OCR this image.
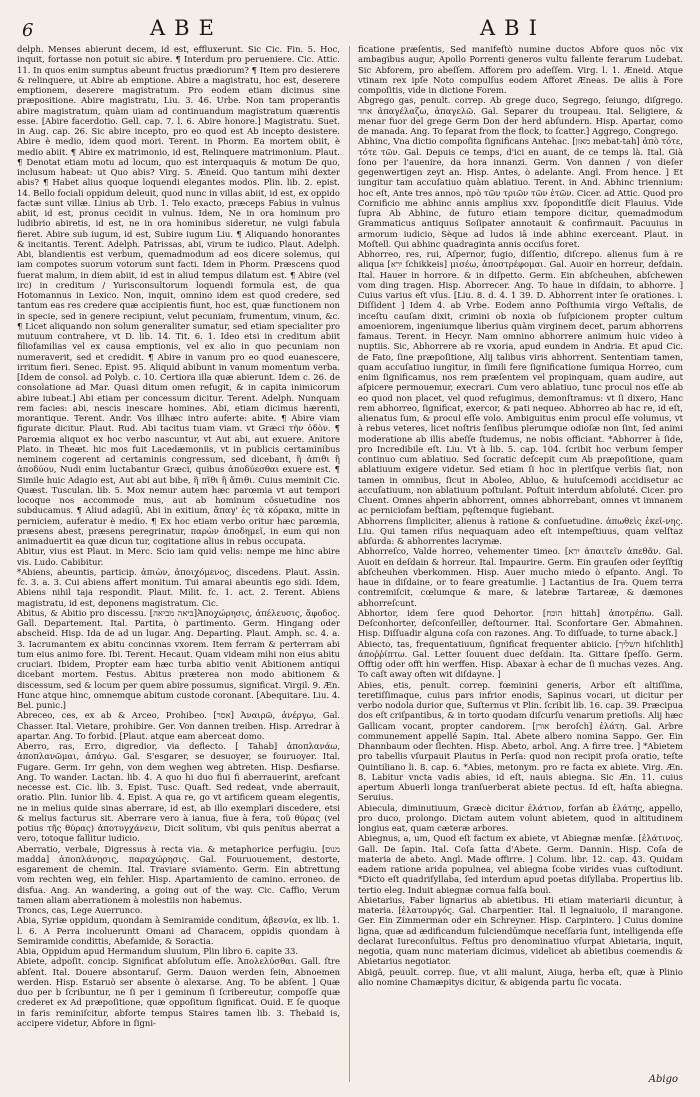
6	ABE	ABI

delph. Menses abierunt decem, id est, effluxerunt. Sic Cic. Fin. 5. Hoc, inquit, fortasse non potuit sic abire. ¶ Interdum pro perueniere. Cic. Attic. 11. In quos enim sumptus abeunt fructus prædiorum? ¶ Item pro desierere & relinquere, ut Abire ab emptione. Abire a magistratu, hoc est, deserere emptionem, deserere magistratum. Pro eodem etiam dicimus sine præpositione. Abire magistratu, Liu. 3. 46. Urbe. Non tam properantis abire magistratum, quàm uiam ad continuandum magistratum quærentis esse. [Abire facerdotio. Gell. cap. 7. l. 6. Abire honore.] Magistratu. Suet. in Aug. cap. 26. Sic abire incepto, pro eo quod est Ab incepto desistere. Abire è medio, idem quod mori. Terent. in Phorm. Ea mortem obiit, è medio abiit. ¶ Abire ex matrimonio, id est, Relinquere matrimonium. Plaut. ¶ Denotat etiam motu ad locum, quo est interquaquis & motum De quo, inclusum habeat: ut Quo abis? Virg. 5. Æneid. Quo tantum mihi dexter abis? ¶ Habet alius quoque loquendi elegantes modos. Plin. lib. 2. epist. 14. Bello fociali oppidum deleuit, quod nunc in villas abiit, id est, ex oppido factæ sunt villæ. Linius ab Urb. 1. Telo exacto, præceps Fabius in vulnus abiit, id est, pronus cecidit in vulnus. Idem, Ne in ora hominum pro ludibrio abiretis, id est, ne in ora hominibus sideretur, ne vulgi fabula fieret. Abire sub iugum, id est, Subire iugum Liu. ¶ Aliquando honorantes & incitantis. Terent. Adelph. Patrissas, abi, virum te iudico. Plaut. Adelph. Abi, blandientis est verbum, quemadmodum ad eos dicere solemus, qui iam compotes suorum votorum sunt facti. Idem in Phorm. Præscens quod fuerat malum, in diem abiit, id est in aliud tempus dilatum est. ¶ Abire (vel irc) in creditum / Yurisconsultorum loquendi formula est, de qua Hotomannus in Lexico. Non, inquit, omnino idem est quod credere, sed tantum eas res credere quæ accipientis fiunt, hoc est, quæ functionem non in specie, sed in genere recipiunt, velut pecuniam, frumentum, vinum, &c. ¶ Licet aliquando non solum generaliter sumatur, sed etiam specialiter pro mutuum contrahere, vt D. lib. 14. Tit. 6. 1. Ideo etsi in creditum abiit filiofamilias vel ex causa emptionis, vel ex alio in quo pecuniam non numeraverit, sed et credidit. ¶ Abire in vanum pro eo quod euanescere, irritum fieri. Senec. Epist. 95. Aliquid abibunt in vanum momentum verba. [Idem de consol. ad Polyb. c. 10. Certiora illa quæ abierunt. Idem c. 26. de consolatione ad Mar. Quasi ditum omen refugit, & in capita inimicorum abire iubeat.] Abi etiam per concessum dicitur. Terent. Adelph. Nunquam rem facies: abi, nescis inescare homines. Abi, etiam dicimus hærenti, morantique. Terent. Andr. Vos illhæc intro auferte: abite. ¶ Abire viam figurate dicitur. Plaut. Rud. Abi tacitus tuam viam. vt Græci τὴν ὁδὸν. ¶ Parœmia aliquot ex hoc verbo nascuntur, vt Aut abi, aut exuere. Anitore Plato. in Theæt. hic mos fuit Lacedæmoniis, vt in publicis certaminibus neminem cogerent ad certaminis congressum, sed dicebant, ἢ ἀπιθι ἢ ἀποδύου, Nudi enim luctabantur Græci, quibus ἀποδύεσθαι exuere est. ¶ Simile huic Adagio est, Aut abi aut bibe, ἢ πῖθι ἢ ἄπιθι. Cuius meminit Cic. Quæst. Tusculan. lib. 5. Mox nemur autem hæc parœmia vt aut tempori locoque nos accommode mus, aut ab hominum cõsuetudine nos subducamus. ¶ Aliud adagiū, Abi in exitium, ἄπαγ' ἐς τὰ κόρακα, mitte in perniciem, auferatur è medio. ¶ Ex hoc etiam verbo oritur hæc parœmia, præsens abest, præsens peregrinatur, παρὼν ἀποδημεῖ, in eum qui non animaduertit ea quæ dicun tur, cogitatione alius in rebus occupata.

Abitur, vius est Plaut. in Merc. Scio iam quid velis: nempe me hinc abire vis. Ludo. Cabibitur.

*Abiens, abeuntis, particip. ἀπιὼν, ἀποιχόμενος, discedens. Plaut. Assin. fc. 3. a. 3. Cui abiens affert monitum. Tui amarai abeuntis ego sidi. Idem, Abiens nihil taja respondit. Plaut. Milit. fc. 1. act. 2. Terent. Abiens magistratu, id est, deponens magistratum. Cic.

Abitus, & Abitio pro discessu. [ביאה מביאה]Ἀποχώρησις, ἀπέλευσις, ἄφοδος. Gall. Departement. Ital. Partita, ò partimento. Germ. Hingang oder abscheid. Hisp. Ida de ad un lugar. Ang. Departing. Plaut. Amph. sc. 4. a. 3. Iacrumantem ex abitu concinnas vxorem. Item ferram & perterram abi tum eius animo fore. Ibi. Terent. Hecaut. Quam videam mihi non eius abitu cruciari. Ibidem, Propter eam hæc turba abitio venit Abitionem antiqui dicebant mortem. Festus. Abitus præterea non modo abitionem & discessum, sed & locum per quem abire possumus, significat. Virgil. 9. Æn. Hunc atque hinc, omnemque abitum custode coronant. [Abequitare. Liu. 4. Bel. punic.]

Abreceo, ces, ex ab & Arceo, Prohibeo. [אסר] Ἀναιρῶ, ἀνέργω, Gal. Chasser. Ital. Vietare, prohibire. Ger. Von dannen treiben. Hisp. Arredrar à apartar. Ang. To forbid. [Plaut. atque eam aberceat domo.

Aberro, ras, Erro, digredior, via deflecto. [ Tahab] ἀποπλανάω, ἀποπλανῶμαι, ἀπάγω. Gal. S'esgarer, se desuoyer, se fouruoyer. Ital. Fugare. Germ. Irr gehn, von dem weghen weg abtreten. Hisp. Desfiarse. Ang. To wander. Lactan. lib. 4. A quo hi duo fiui fi aberrauerint, arefcant necesse est. Cic. lib. 3. Epist. Tusc. Quaft. Sed redeat, vnde aberrauit, oratio. Plin. Iunior lib. 4. Epist. A qua re, go vt artificem queam elegentis, ne in melius quide sinas aberrare, id est, ab illo exemplari discedere, etsi & melius facturus sit. Aberrare vero à ianua, fiue à fera, τοῦ θύρας (vel potius τῆς θύρας) ἀποτυγχάνειν, Dicit solitum, vbi quis penitus aberrat a vero, totoque fallitur iudicio.

Aberratio, verbale, Digressus à recta via. & metaphorice perfugiu. [מנוס madda] ἀποπλάνησις, παραχώρησις. Gal. Fouruouement, destorte, esgarement de chemin. Ital. Traviare sviamento. Germ. Ein abtrettung vom rechten weg, ein fehler. Hisp. Apartamiento de camino. erroneo. de disfua. Ang. An wandering, a going out of the way. Cic. Caffio, Verum tamen aliam aberrationem à molestiis non habemus.

Troncs, cas, Lege Auerrunco.

Abia, Syriæ oppidum, quondam à Semiramide conditum, ἀβεσνία, ex lib. 1. l. 6. A Perra incolueruntt Omani ad Characem, oppidis quondam à Semiramide condittis, Abefamide, & Soractia.

Abia, Oppidum apud Hermandum sluuium, Plin libro 6. capite 33.

Abiete, adpoſit. concip. Significat abſolutum eſſe. Ἀπολελύσθαι. Gall. ſtre abſent. Ital. Douere absontaruſ. Germ. Dauon werden ſein, Abnoemen werden. Hisp. Estaruò ser absente ò alexarse. Ang. To be abſent. ] Quæ duo per b ſcribuntur, ne ſi per i geminum ſi ſcribereutur, compoſſe quæ crederet ex Ad præpoſitione, quæ oppoſitum ſignificat. Ouid. E ſe quoque in faris reminiſcitur, abforte tempus Staires tamen lib. 3. Thebaid is, accipere videtur, Abfore in ſigni-

ficatione præſentis, Sed manifeſtò numine ductos Abfore quos nōc vix ambagibus augur, Apollo Porrenti generos vultu fallente ferarum Ludebat. Sic Abforem, pro abeſſem. Afforem pro adeſſem. Virg. l. 1. Æneid. Atque vtinam rex ipſe Noto compulſus eodem Afforet Æneas. De aliis à Fore compoſitis, vide in dictione Forem.

Abgrego gas, penult. correp. Ab grege duco, Segrego, ſeiungo, diſgrego. אחד ἀπαγέλαζω, ἀπαγελῶ. Gal. Separer du troupeau. Ital. Seligiere, & menar fuor del grege Germ Don der herd abſundern. Hisp. Apartar, como de manada. Ang. To ſeparat from the flock, to ſcatter.] Aggrego, Congrego.

Abhinc, Vna dictio compoſita ſignificans Antehac. [מאזן mebat-tah] ἀπὸ τότε, τότε τῶν. Gal. Depuis ce temps, d'ici en auant, de ce temps là. Ital. Già ſono per l'auenire, da hora innanzi. Germ. Von dannen / von dieſer gegenwertigen zeyt an. Hisp. Antes, ò adelante. Angl. From hence. ] Et iungitur tam accuſatiuo quàm ablatiuo. Terent. in And. Abhinc triennium: hoc eſt, Ante tres annos, πρὸ τῶν τριῶν τῶν ἐτῶν. Cicer. ad Attic. Quod pro Cornificio me abhinc annis amplius xxv. ſpoponditſſe dicit Flauius. Vide ſupra Ab Abhinc, de futuro etiam tempore dicitur, quemadmodum Grammaticus antiquus Soſipater annotauit & confirmauit. Pacuuius in armorum iudicio, Sèque ad ludos iā inde abhinc exerceant. Plaut. in Moſtell. Qui abhinc quadraginta annis occiſus foret.

Abhorreo, res, rui, Aſpernor, fugio, diſſentio, diſcrepo. alienus ſum à re aliqua [ירא ſchikkeis] μισέω, ἀποστρέφομαι. Gal. Auoir en horreur, deſdain. Ital. Hauer in horrore. & in diſpetto. Germ. Ein abſcheuhen, abſchewen vom ding tragen. Hisp. Aborrecer. Ang. To haue in diſdain, to abhorre. ] Cuius varius eſt vſus. [Liu. 8. d. 4. 1 39. D. Abhorrent inter ſe orationes. i. Diſſident ] Idem 4. ab Vrbe. Eodem anno Poſthumia virgo Veſtalis, de inceſtu cauſam dixit, crimini ob noxia ob ſuſpicionem propter cultum amoeniorem, ingeniumque liberius quàm virginem decet, parum abhorrens famaus. Terent. in Hecyr. Nam omnino abhorrere animum huic video à nuptiis. Sic, Abhorrere ab re vxoria, apud eundem in Andria. Et apud Cic. de Fato, ſine præpoſitione, Alij talibus viris abhorrent. Sententiam tamen, quam accuſatiuo iungitur, in ſimili fere ſignificatione ſumiqua Horreo, cum enim ſignificamus, nos rem præſentem vel propinquam, quam audire, aut aſpicere permouemur, execrari. Cum vero ablatiuo, tunc procul nos eſſe ab eo quod non placet, vel quod refugimus, demonſtramus: vt ſi dixero, Hanc rem abhorreo, ſignificat, exercor, & pati nequeo. Abhorreo ab hac re, id eſt, alienatus ſum, & procul eſſe volo. Ambiguitus enim procul eſſe volumus, vt à rebus veteres, licet noſtris ſenſibus plerumque odioſæ non ſint, ſed animi moderatione ab illis abeſſe ſtudemus, ne nobis officiant. *Abhorrer à ſide, pro Incredibile eſt. Liu. Vt à lib. 5. cap. 104. ſcribit hoc verbum ſemper continuo cum ablatiuo. Sed ſocratic deſcepit cum Ab præpoſitione, quam ablatiuum exigere videtur. Sed etiam ſi hoc in pleriſque verbis ſiat, non tamen in omnibus, ſicut in Aboleo, Abluo, & huiuſcemodi accidisetur ac accuſatiuum, non ablatiuum poſtulant. Poſtuit interdum abſoluté. Cicer. pro Cluent. Omnes ahperin abhorrent, omnes abhorrebant, omnes vt imnanem ac perniciofam beſtiam, pęſtemque fugiebant.

Abhorrens ſimpliciter, alienus à ratione & conſuetudine. ἀπωθεὶς ἐκεῖ-νης. Liu. Qui tamen riſus nequaquam adeo eſt intempeſtiuus, quam velſtaz abſurda: & abhorrentes lacrymæ.

Abhorreſco, Valde horreo, vehementer timeo. [ירא ἀπαιτεῖν ἀπεθᾶν. Gal. Auoit en deſdain & horreur. Ital. Impaurire. Germ. Ein grauſen oder ſeyſſtig abſcheuhen vberkommen. Hisp. Auer mucho miedo ò eſpanto. Angl. To haue in diſdaine, or to feare greatumlie. ] Lactantius de Ira. Quem terra contremiſcit, cœlumque & mare, & latebræ Tartareæ, & dæmones abhorreſcunt.

Abhortor, idem ſere quod Dehortor. [הוכח hittah] ἀποτρέπω. Gall. Deſconhorter, deſconſeiller, deſtourner. Ital. Sconfortare Ger. Abmahnen. Hisp. Diſſuadir alguna coſa con razones. Ang. To diſſuade, to turne aback.]

Abiecto, tas, frequentatiuum, ſignificat frequenter abiicio. [חשליך hiſchlith] ἀποῤῥίπτω. Gal. Letter ſouuent duec deſdain. Ita. Gittare ſpeſſo. Germ. Offtig oder offt hin werffen. Hisp. Abaxar à echar de ſi muchas vezes. Ang. To caſt away often wit diſdayne. ]

Abies, etis, penult. correp. fœminini generis, Arbor eſt altiſſima, teretiſſimaque, cuius pars infrior enodis, Sapinus vocari, ut dicitur per verbo nodola durior que, Suſternus vt Plin. ſcribit lib. 16. cap. 39. Præcipua dos eſt criſpantibus, & in torto quodam diſcurſu venarum pretioſis. Alij hæc Gallicam vocant, propter candorem. [אורן beroſch] ἐλάτη. Gal. Arbre communement appellé Sapin. Ital. Abete albero nomina Sappo. Ger. Ein Dhannbaum oder ſlechten. Hisp. Abeto, arbol. Ang. A firre tree. ] *Abietem pro tabellis vſurpauit Plautus in Perſa: quod non recipit proſa oratio, teſte Quintiliano li. 8. cap. 6. *Abies, metonym. pro re facta ex abiete. Virg. Æn. 8. Labitur vncta vadis abies, id eſt, nauis abiegna. Sic Æn. 11. cuius apertum Abuerli longa tranſuerberat abiete pectus. Id eſt, haſta abiegna. Seruius.

Abiecula, diminutiuum, Græcè dicitur ἐλάτιον, forſan ab ἐλάτης, appello, pro duco, prolongo. Dictam autem volunt abietem, quod in altitudinem longius eat, quam cæteræ arbores.

Abiegnus, a, um, Quod eſt factum ex abiete, vt Abiegnæ menſæ. [ἐλάτινος. Gall. De ſapin. Ital. Coſa ſatta d'Abete. Germ. Dannin. Hisp. Coſa de materia de abeto. Angl. Made offirre. ] Colum. libr. 12. cap. 43. Quidam eadem ratione arida populnea, vel abiegna ſcobe virides vuas cuſtodiunt. *Dicto eſt quadriſyllaba, ſed interdum apud poetas diſyllaba. Propertius lib. tertio eleg. Induit abiegnæ cornua falſa bouì.

Abietarius, Faber lignarius ab abietibus. Hi etiam materiarii dicuntur, à materia. [ἐλατουργός. Gal. Charpentier. Ital. Il legnaiuolo, il marangone. Ger. Ein Zimmerman oder ein Schreyner. Hisp. Carpintero. ] Cuius domine ligna, quæ ad ædificandum fulciendūmque neceſſaria ſunt, intelligenda eſſe declarat Iureconſultus. Feſtus pro denominatiuo vſurpat Abietaria, inquit, negotia, quam nunc materiam dicimus, videlicet ab abietibus coemendis & Abietarius negotiator.

Abigä, peuult. correp. ſiue, vt alii malunt, Aiuga, herba eſt, quæ à Plinio alio nomine Chamæpitys dicitur, & abigenda partu ſic vocata.

Abigo
